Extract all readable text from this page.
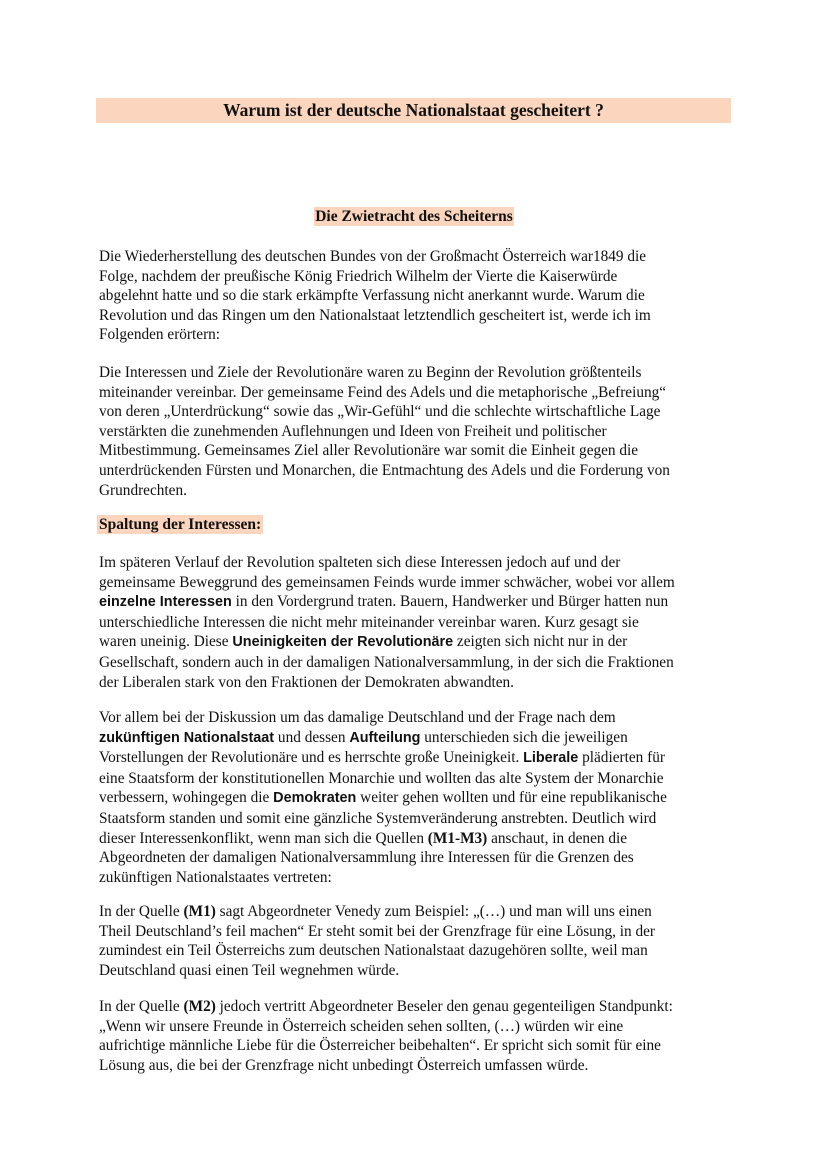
Warum ist der deutsche Nationalstaat gescheitert ?
Die Zwietracht des Scheiterns

Die Wiederherstellung des deutschen Bundes von der Großmacht Österreich war1849 die
Folge, nachdem der preußische König Friedrich Wilhelm der Vierte die Kaiserwürde
abgelehnt hatte und so die stark erkämpfte Verfassung nicht anerkannt wurde. Warum die
Revolution und das Ringen um den Nationalstaat letztendlich gescheitert ist, werde ich im
Folgenden erörtern:

Die Interessen und Ziele der Revolutionäre waren zu Beginn der Revolution größtenteils
miteinander vereinbar. Der gemeinsame Feind des Adels und die metaphorische „Befreiung“
von deren „Unterdrückung“ sowie das „Wir-Gefühl“ und die schlechte wirtschaftliche Lage
verstärkten die zunehmenden Auflehnungen und Ideen von Freiheit und politischer
Mitbestimmung. Gemeinsames Ziel aller Revolutionäre war somit die Einheit gegen die
unterdrückenden Fürsten und Monarchen, die Entmachtung des Adels und die Forderung von
Grundrechten.

Spaltung der Interessen:

Im späteren Verlauf der Revolution spalteten sich diese Interessen jedoch auf und der
gemeinsame Beweggrund des gemeinsamen Feinds wurde immer schwächer, wobei vor allem
einzelne Interessen in den Vordergrund traten. Bauern, Handwerker und Bürger hatten nun
unterschiedliche Interessen die nicht mehr miteinander vereinbar waren. Kurz gesagt sie
waren uneinig. Diese Uneinigkeiten der Revolutionäre zeigten sich nicht nur in der
Gesellschaft, sondern auch in der damaligen Nationalversammlung, in der sich die Fraktionen
der Liberalen stark von den Fraktionen der Demokraten abwandten.

Vor allem bei der Diskussion um das damalige Deutschland und der Frage nach dem
zukünftigen Nationalstaat und dessen Aufteilung unterschieden sich die jeweiligen
Vorstellungen der Revolutionäre und es herrschte große Uneinigkeit. Liberale plädierten für
eine Staatsform der konstitutionellen Monarchie und wollten das alte System der Monarchie
verbessern, wohingegen die Demokraten weiter gehen wollten und für eine republikanische
Staatsform standen und somit eine gänzliche Systemveränderung anstrebten. Deutlich wird
dieser Interessenkonflikt, wenn man sich die Quellen (M1-M3) anschaut, in denen die
Abgeordneten der damaligen Nationalversammlung ihre Interessen für die Grenzen des
zukünftigen Nationalstaates vertreten:

In der Quelle (M1) sagt Abgeordneter Venedy zum Beispiel: „(…) und man will uns einen
Theil Deutschland’s feil machen“ Er steht somit bei der Grenzfrage für eine Lösung, in der
zumindest ein Teil Österreichs zum deutschen Nationalstaat dazugehören sollte, weil man
Deutschland quasi einen Teil wegnehmen würde.

In der Quelle (M2) jedoch vertritt Abgeordneter Beseler den genau gegenteiligen Standpunkt:
„Wenn wir unsere Freunde in Österreich scheiden sehen sollten, (…) würden wir eine
aufrichtige männliche Liebe für die Österreicher beibehalten“. Er spricht sich somit für eine
Lösung aus, die bei der Grenzfrage nicht unbedingt Österreich umfassen würde.
